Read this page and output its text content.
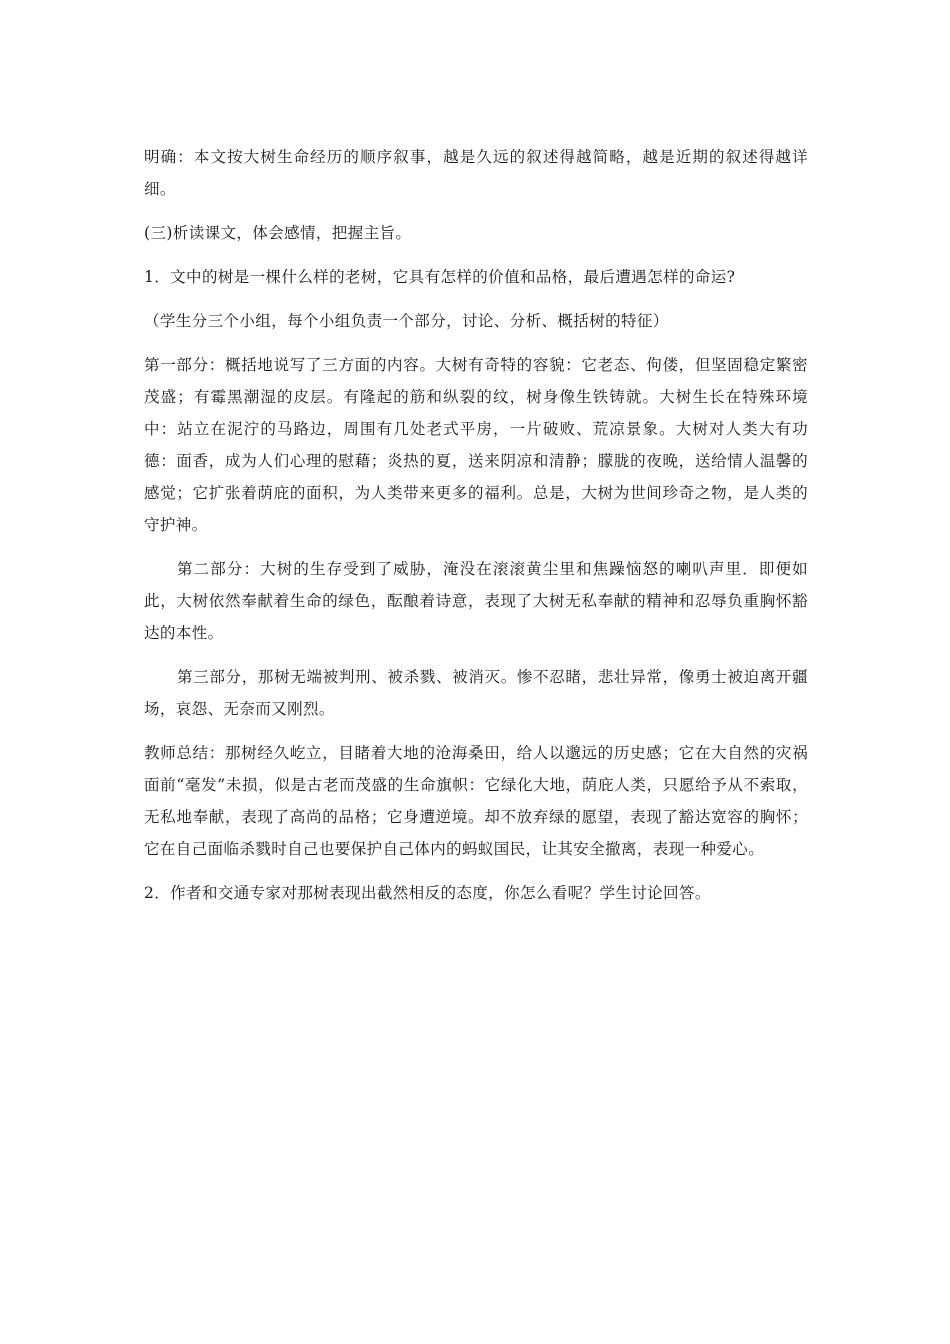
明确：本文按大树生命经历的顺序叙事，越是久远的叙述得越简略，越是近期的叙述得越详细。

(三)析读课文，体会感情，把握主旨。

1．文中的树是一棵什么样的老树，它具有怎样的价值和品格，最后遭遇怎样的命运?

（学生分三个小组，每个小组负责一个部分，讨论、分析、概括树的特征）

第一部分：概括地说写了三方面的内容。大树有奇特的容貌：它老态、佝偻，但坚固稳定繁密茂盛；有霉黑潮湿的皮层。有隆起的筋和纵裂的纹，树身像生铁铸就。大树生长在特殊环境中：站立在泥泞的马路边，周围有几处老式平房，一片破败、荒凉景象。大树对人类大有功德：面香，成为人们心理的慰藉；炎热的夏，送来阴凉和清静；朦胧的夜晚，送给情人温馨的感觉；它扩张着荫庇的面积，为人类带来更多的福利。总是，大树为世间珍奇之物，是人类的守护神。

第二部分：大树的生存受到了威胁，淹没在滚滚黄尘里和焦躁恼怒的喇叭声里．即便如此，大树依然奉献着生命的绿色，酝酿着诗意，表现了大树无私奉献的精神和忍辱负重胸怀豁达的本性。

第三部分，那树无端被判刑、被杀戮、被消灭。惨不忍睹，悲壮异常，像勇士被迫离开疆场，哀怨、无奈而又刚烈。

教师总结：那树经久屹立，目睹着大地的沧海桑田，给人以邈远的历史感；它在大自然的灾祸面前“毫发”未损，似是古老而茂盛的生命旗帜：它绿化大地，荫庇人类，只愿给予从不索取，无私地奉献，表现了高尚的品格；它身遭逆境。却不放弃绿的愿望，表现了豁达宽容的胸怀；它在自己面临杀戮时自己也要保护自己体内的蚂蚁国民，让其安全撤离，表现一种爱心。

2．作者和交通专家对那树表现出截然相反的态度，你怎么看呢？学生讨论回答。
